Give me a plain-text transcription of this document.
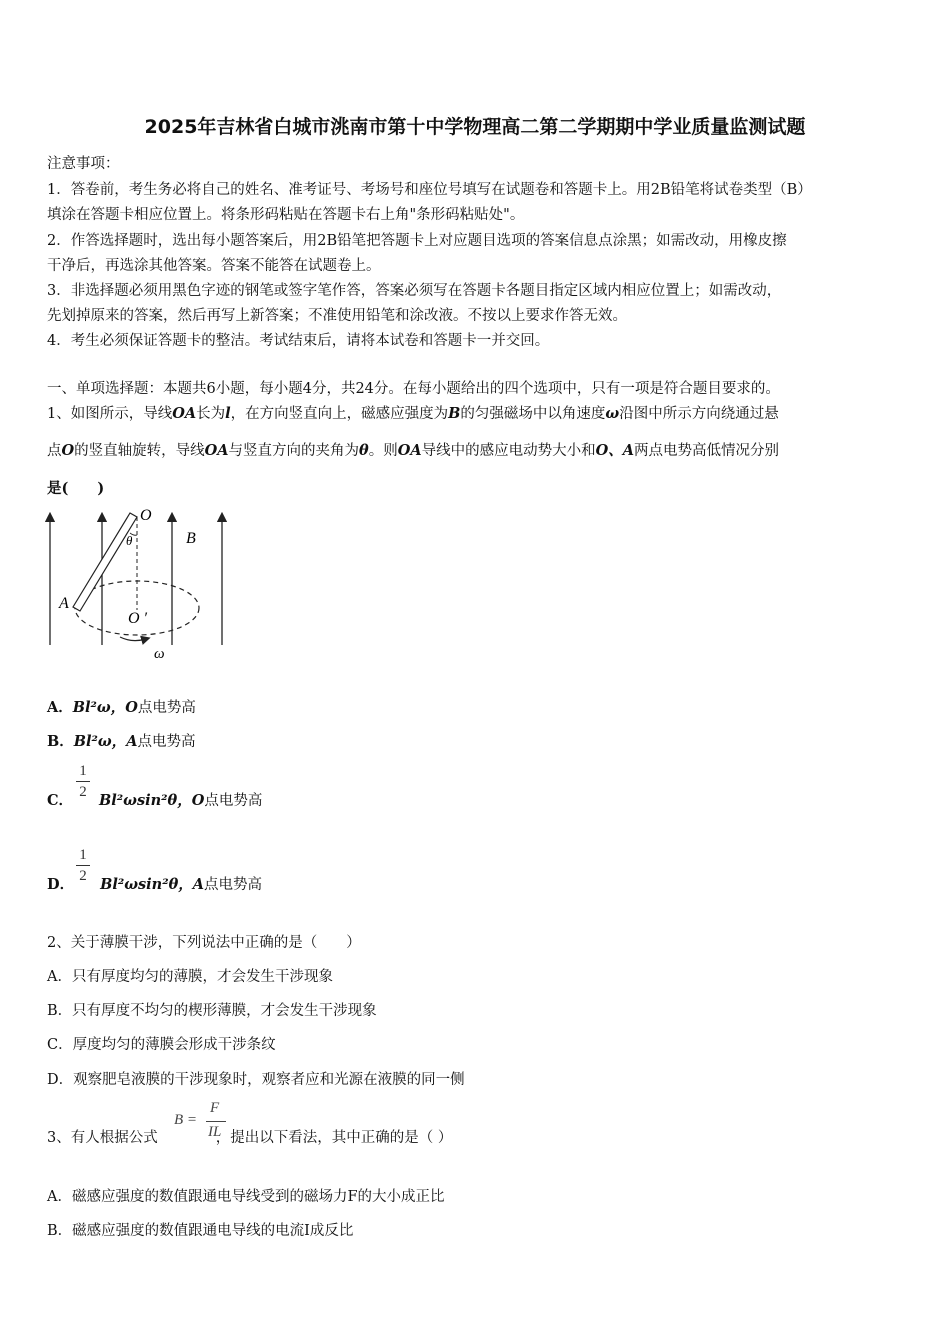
2025年吉林省白城市洮南市第十中学物理高二第二学期期中学业质量监测试题
注意事项：
1．答卷前，考生务必将自己的姓名、准考证号、考场号和座位号填写在试题卷和答题卡上。用2B铅笔将试卷类型（B）
填涂在答题卡相应位置上。将条形码粘贴在答题卡右上角"条形码粘贴处"。
2．作答选择题时，选出每小题答案后，用2B铅笔把答题卡上对应题目选项的答案信息点涂黑；如需改动，用橡皮擦
干净后，再选涂其他答案。答案不能答在试题卷上。
3．非选择题必须用黑色字迹的钢笔或签字笔作答，答案必须写在答题卡各题目指定区域内相应位置上；如需改动，
先划掉原来的答案，然后再写上新答案；不准使用铅笔和涂改液。不按以上要求作答无效。
4．考生必须保证答题卡的整洁。考试结束后，请将本试卷和答题卡一并交回。
一、单项选择题：本题共6小题，每小题4分，共24分。在每小题给出的四个选项中，只有一项是符合题目要求的。
1、如图所示，导线OA长为l，在方向竖直向上，磁感应强度为B的匀强磁场中以角速度ω沿图中所示方向绕通过悬
点O的竖直轴旋转，导线OA与竖直方向的夹角为θ。则OA导线中的感应电动势大小和O、A两点电势高低情况分别
是(　　)
O
θ	B
A
O ′
ω
A．Bl²ω，O点电势高
B．Bl²ω，A点电势高
1
2
C． Bl²ωsin²θ，O点电势高
1
2
D． Bl²ωsin²θ，A点电势高
2、关于薄膜干涉，下列说法中正确的是（　　）
A．只有厚度均匀的薄膜，才会发生干涉现象
B．只有厚度不均匀的楔形薄膜，才会发生干涉现象
C．厚度均匀的薄膜会形成干涉条纹
D．观察肥皂液膜的干涉现象时，观察者应和光源在液膜的同一侧
3、有人根据公式	，提出以下看法，其中正确的是（ ）
B =
F
IL
A．磁感应强度的数值跟通电导线受到的磁场力F的大小成正比
B．磁感应强度的数值跟通电导线的电流I成反比
